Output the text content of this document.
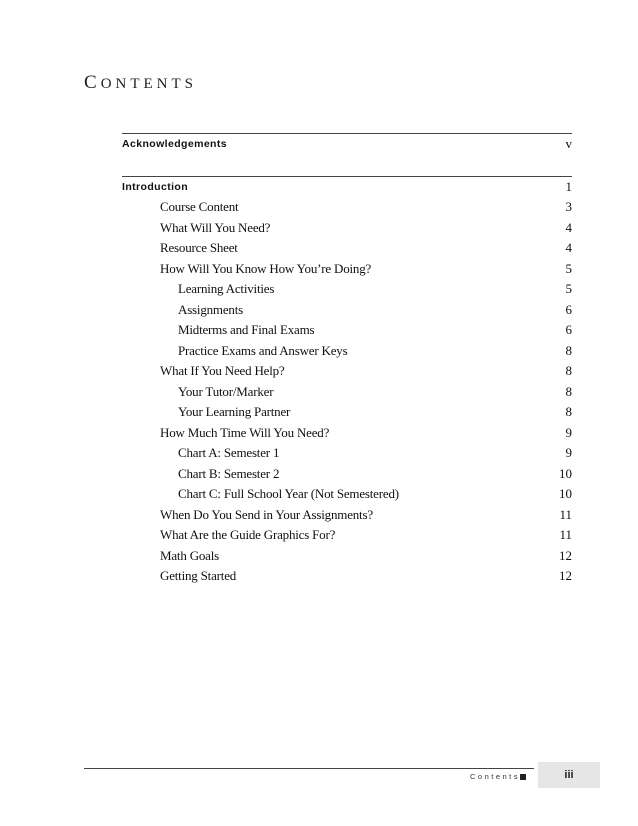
CONTENTS
Acknowledgements	v
Introduction	1
Course Content	3
What Will You Need?	4
Resource Sheet	4
How Will You Know How You’re Doing?	5
Learning Activities	5
Assignments	6
Midterms and Final Exams	6
Practice Exams and Answer Keys	8
What If You Need Help?	8
Your Tutor/Marker	8
Your Learning Partner	8
How Much Time Will You Need?	9
Chart A: Semester 1	9
Chart B: Semester 2	10
Chart C: Full School Year (Not Semestered)	10
When Do You Send in Your Assignments?	11
What Are the Guide Graphics For?	11
Math Goals	12
Getting Started	12
Contents	iii
